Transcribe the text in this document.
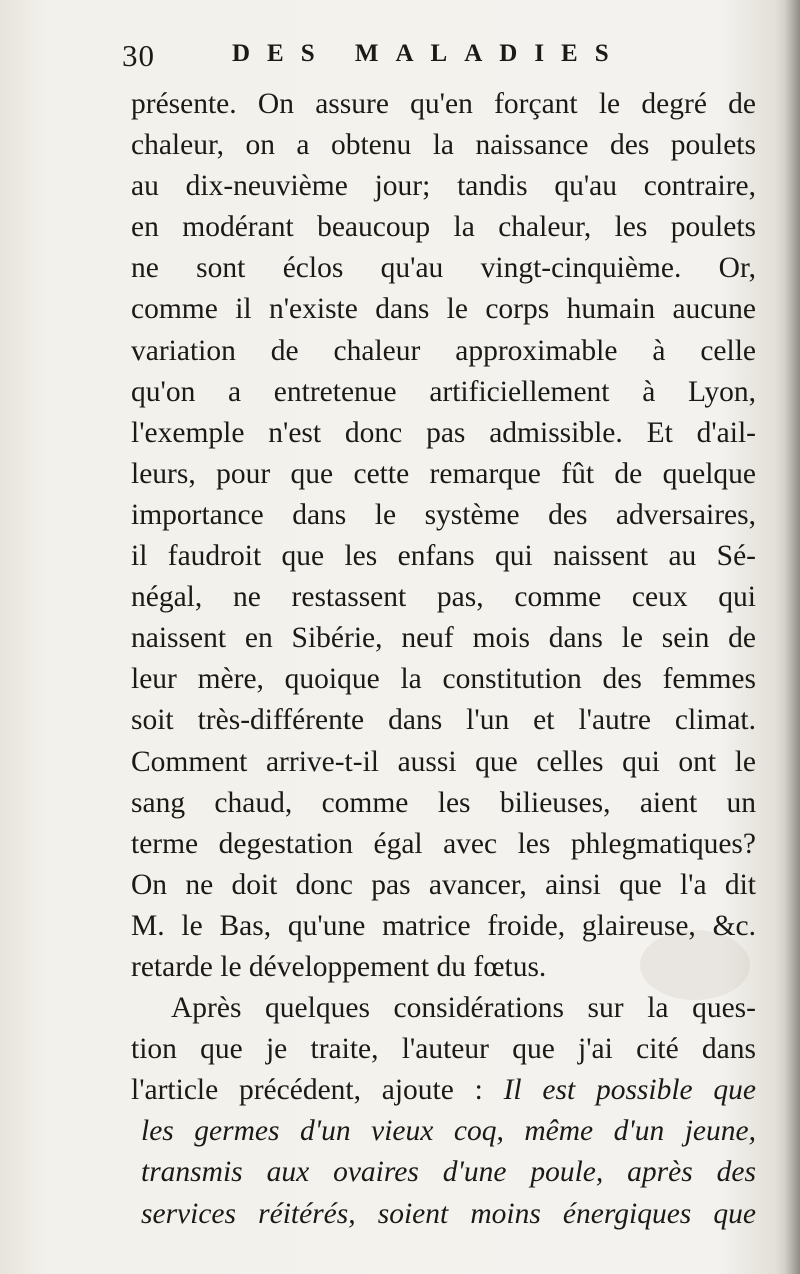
30	DES MALADIES
présente. On assure qu'en forçant le degré de
chaleur, on a obtenu la naissance des poulets
au dix-neuvième jour; tandis qu'au contraire,
en modérant beaucoup la chaleur, les poulets
ne sont éclos qu'au vingt-cinquième. Or,
comme il n'existe dans le corps humain aucune
variation de chaleur approximable à celle
qu'on a entretenue artificiellement à Lyon,
l'exemple n'est donc pas admissible. Et d'ail-
leurs, pour que cette remarque fût de quelque
importance dans le système des adversaires,
il faudroit que les enfans qui naissent au Sé-
négal, ne restassent pas, comme ceux qui
naissent en Sibérie, neuf mois dans le sein de
leur mère, quoique la constitution des femmes
soit très-différente dans l'un et l'autre climat.
Comment arrive-t-il aussi que celles qui ont le
sang chaud, comme les bilieuses, aient un
terme degestation égal avec les phlegmatiques?
On ne doit donc pas avancer, ainsi que l'a dit
M. le Bas, qu'une matrice froide, glaireuse, &c.
retarde le développement du fœtus.
Après quelques considérations sur la ques-
tion que je traite, l'auteur que j'ai cité dans
l'article précédent, ajoute : Il est possible que
les germes d'un vieux coq, même d'un jeune,
transmis aux ovaires d'une poule, après des
services réitérés, soient moins énergiques que
